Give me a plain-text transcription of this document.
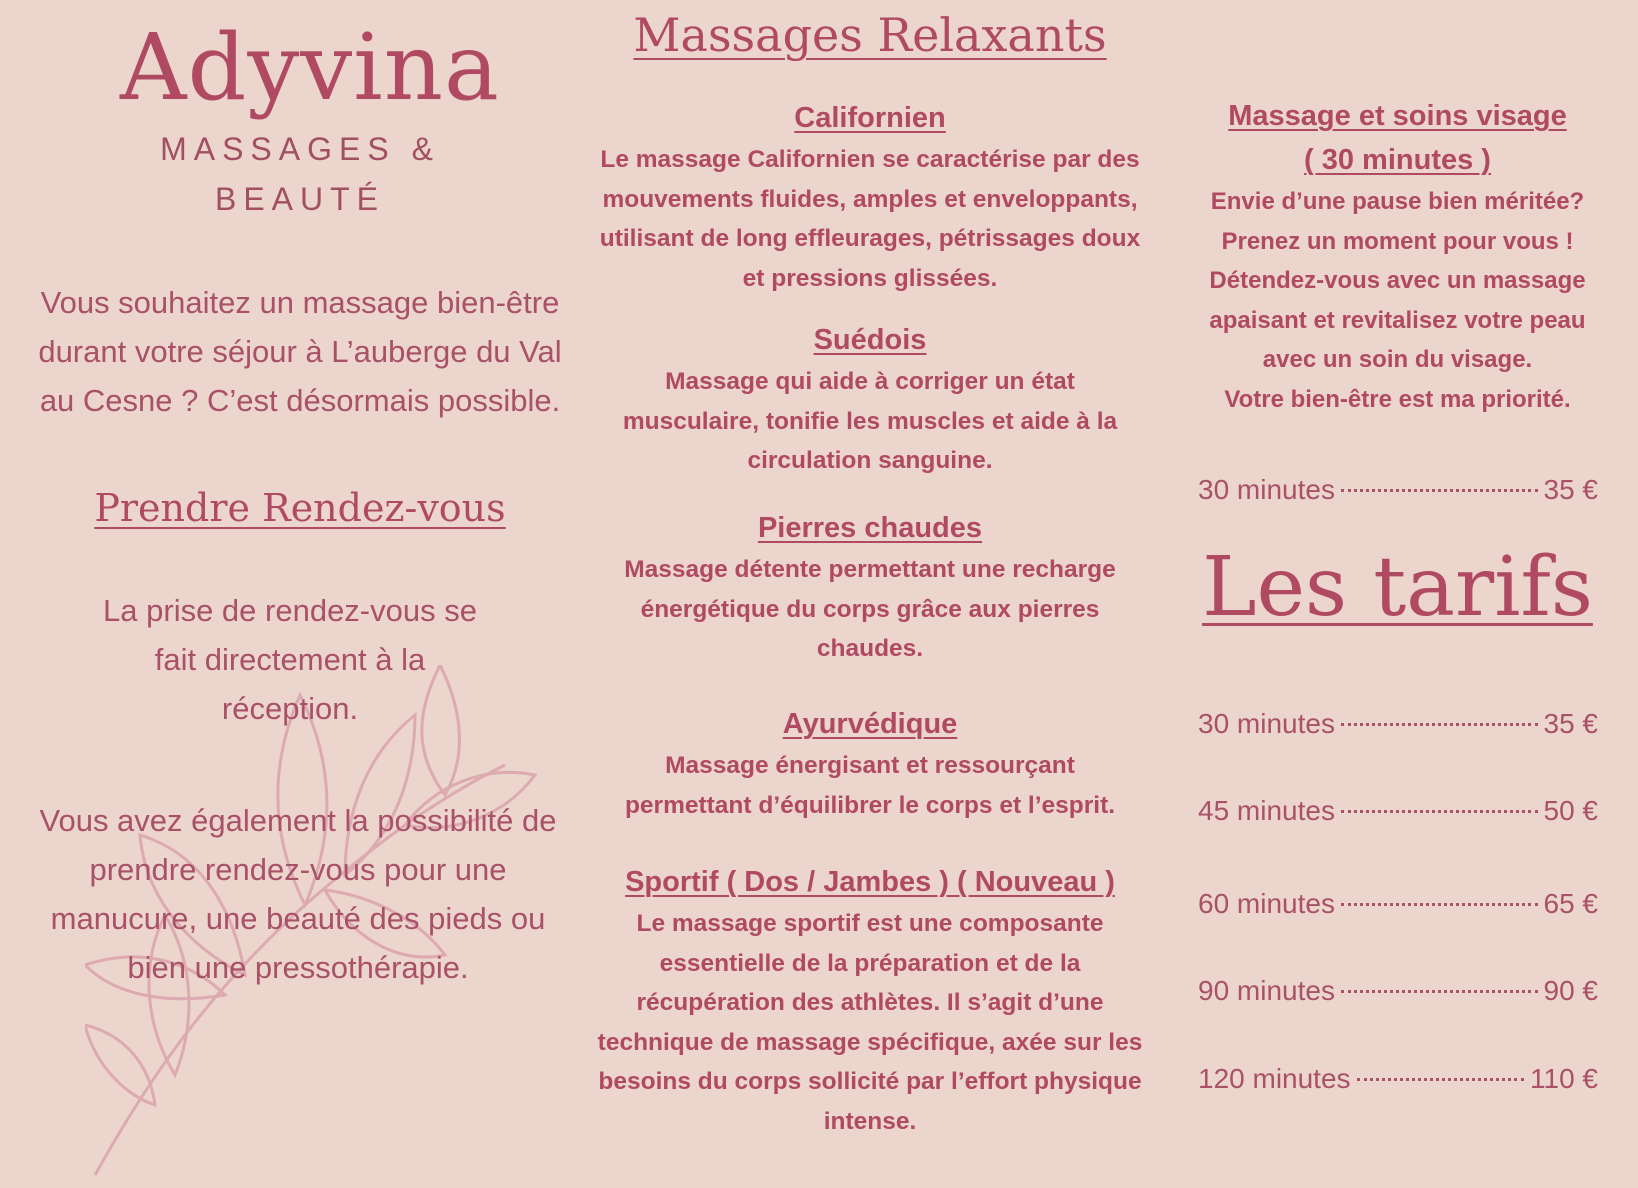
Adyvina
MASSAGES &
BEAUTÉ
Vous souhaitez un massage bien-être
durant votre séjour à L’auberge du Val
au Cesne ? C’est désormais possible.
Prendre Rendez-vous
La prise de rendez-vous se
fait directement à la
réception.
Vous avez également la possibilité de
prendre rendez-vous pour une
manucure, une beauté des pieds ou
bien une pressothérapie.
Massages Relaxants
Californien

Le massage Californien se caractérise par des
mouvements fluides, amples et enveloppants,
utilisant de long effleurages, pétrissages doux
et pressions glissées.

Suédois

Massage qui aide à corriger un état
musculaire, tonifie les muscles et aide à la
circulation sanguine.

Pierres chaudes

Massage détente permettant une recharge
énergétique du corps grâce aux pierres
chaudes.

Ayurvédique

Massage énergisant et ressourçant
permettant d’équilibrer le corps et l’esprit.

Sportif ( Dos / Jambes ) ( Nouveau )

Le massage sportif est une composante
essentielle de la préparation et de la
récupération des athlètes. Il s’agit d’une
technique de massage spécifique, axée sur les
besoins du corps sollicité par l’effort physique
intense.

Massage et soins visage
( 30 minutes )
Envie d’une pause bien méritée?
Prenez un moment pour vous !
Détendez-vous avec un massage
apaisant et revitalisez votre peau
avec un soin du visage.
Votre bien-être est ma priorité.
30 minutes	35 €
Les tarifs
30 minutes	35 €
45 minutes	50 €
60 minutes	65 €
90 minutes	90 €
120 minutes	110 €
